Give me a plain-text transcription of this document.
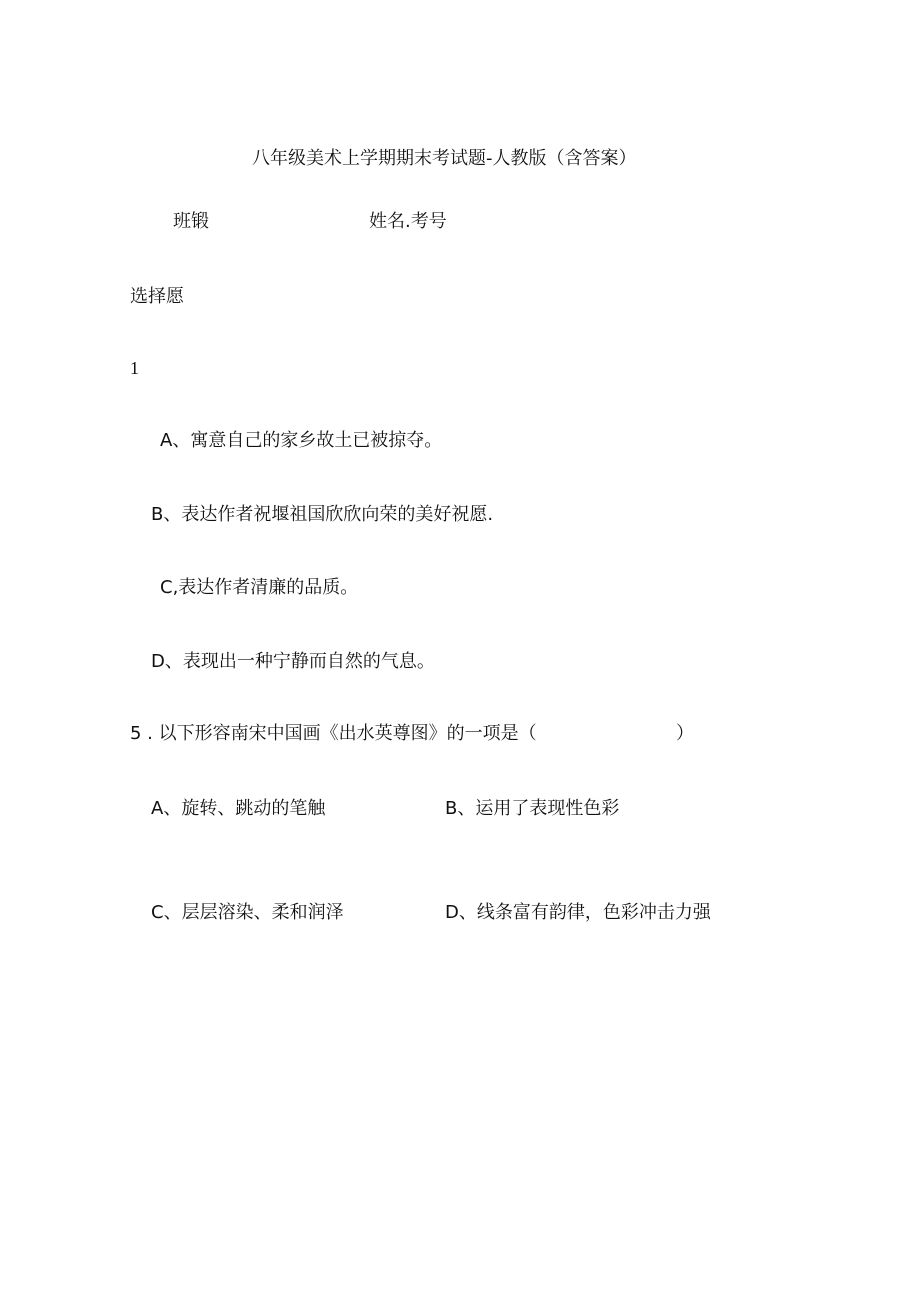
八年级美术上学期期末考试题-人教版（含答案）
班锻	姓名.考号
选择愿
1
A、寓意自己的家乡故土已被掠夺。
B、表达作者祝堰祖国欣欣向荣的美好祝愿.
C,表达作者清廉的品质。
D、表现出一种宁静而自然的气息。
5 . 以下形容南宋中国画《出水英尊图》的一项是（	）
A、旋转、跳动的笔触	B、运用了表现性色彩
C、层层溶染、柔和润泽	D、线条富有韵律，色彩冲击力强
